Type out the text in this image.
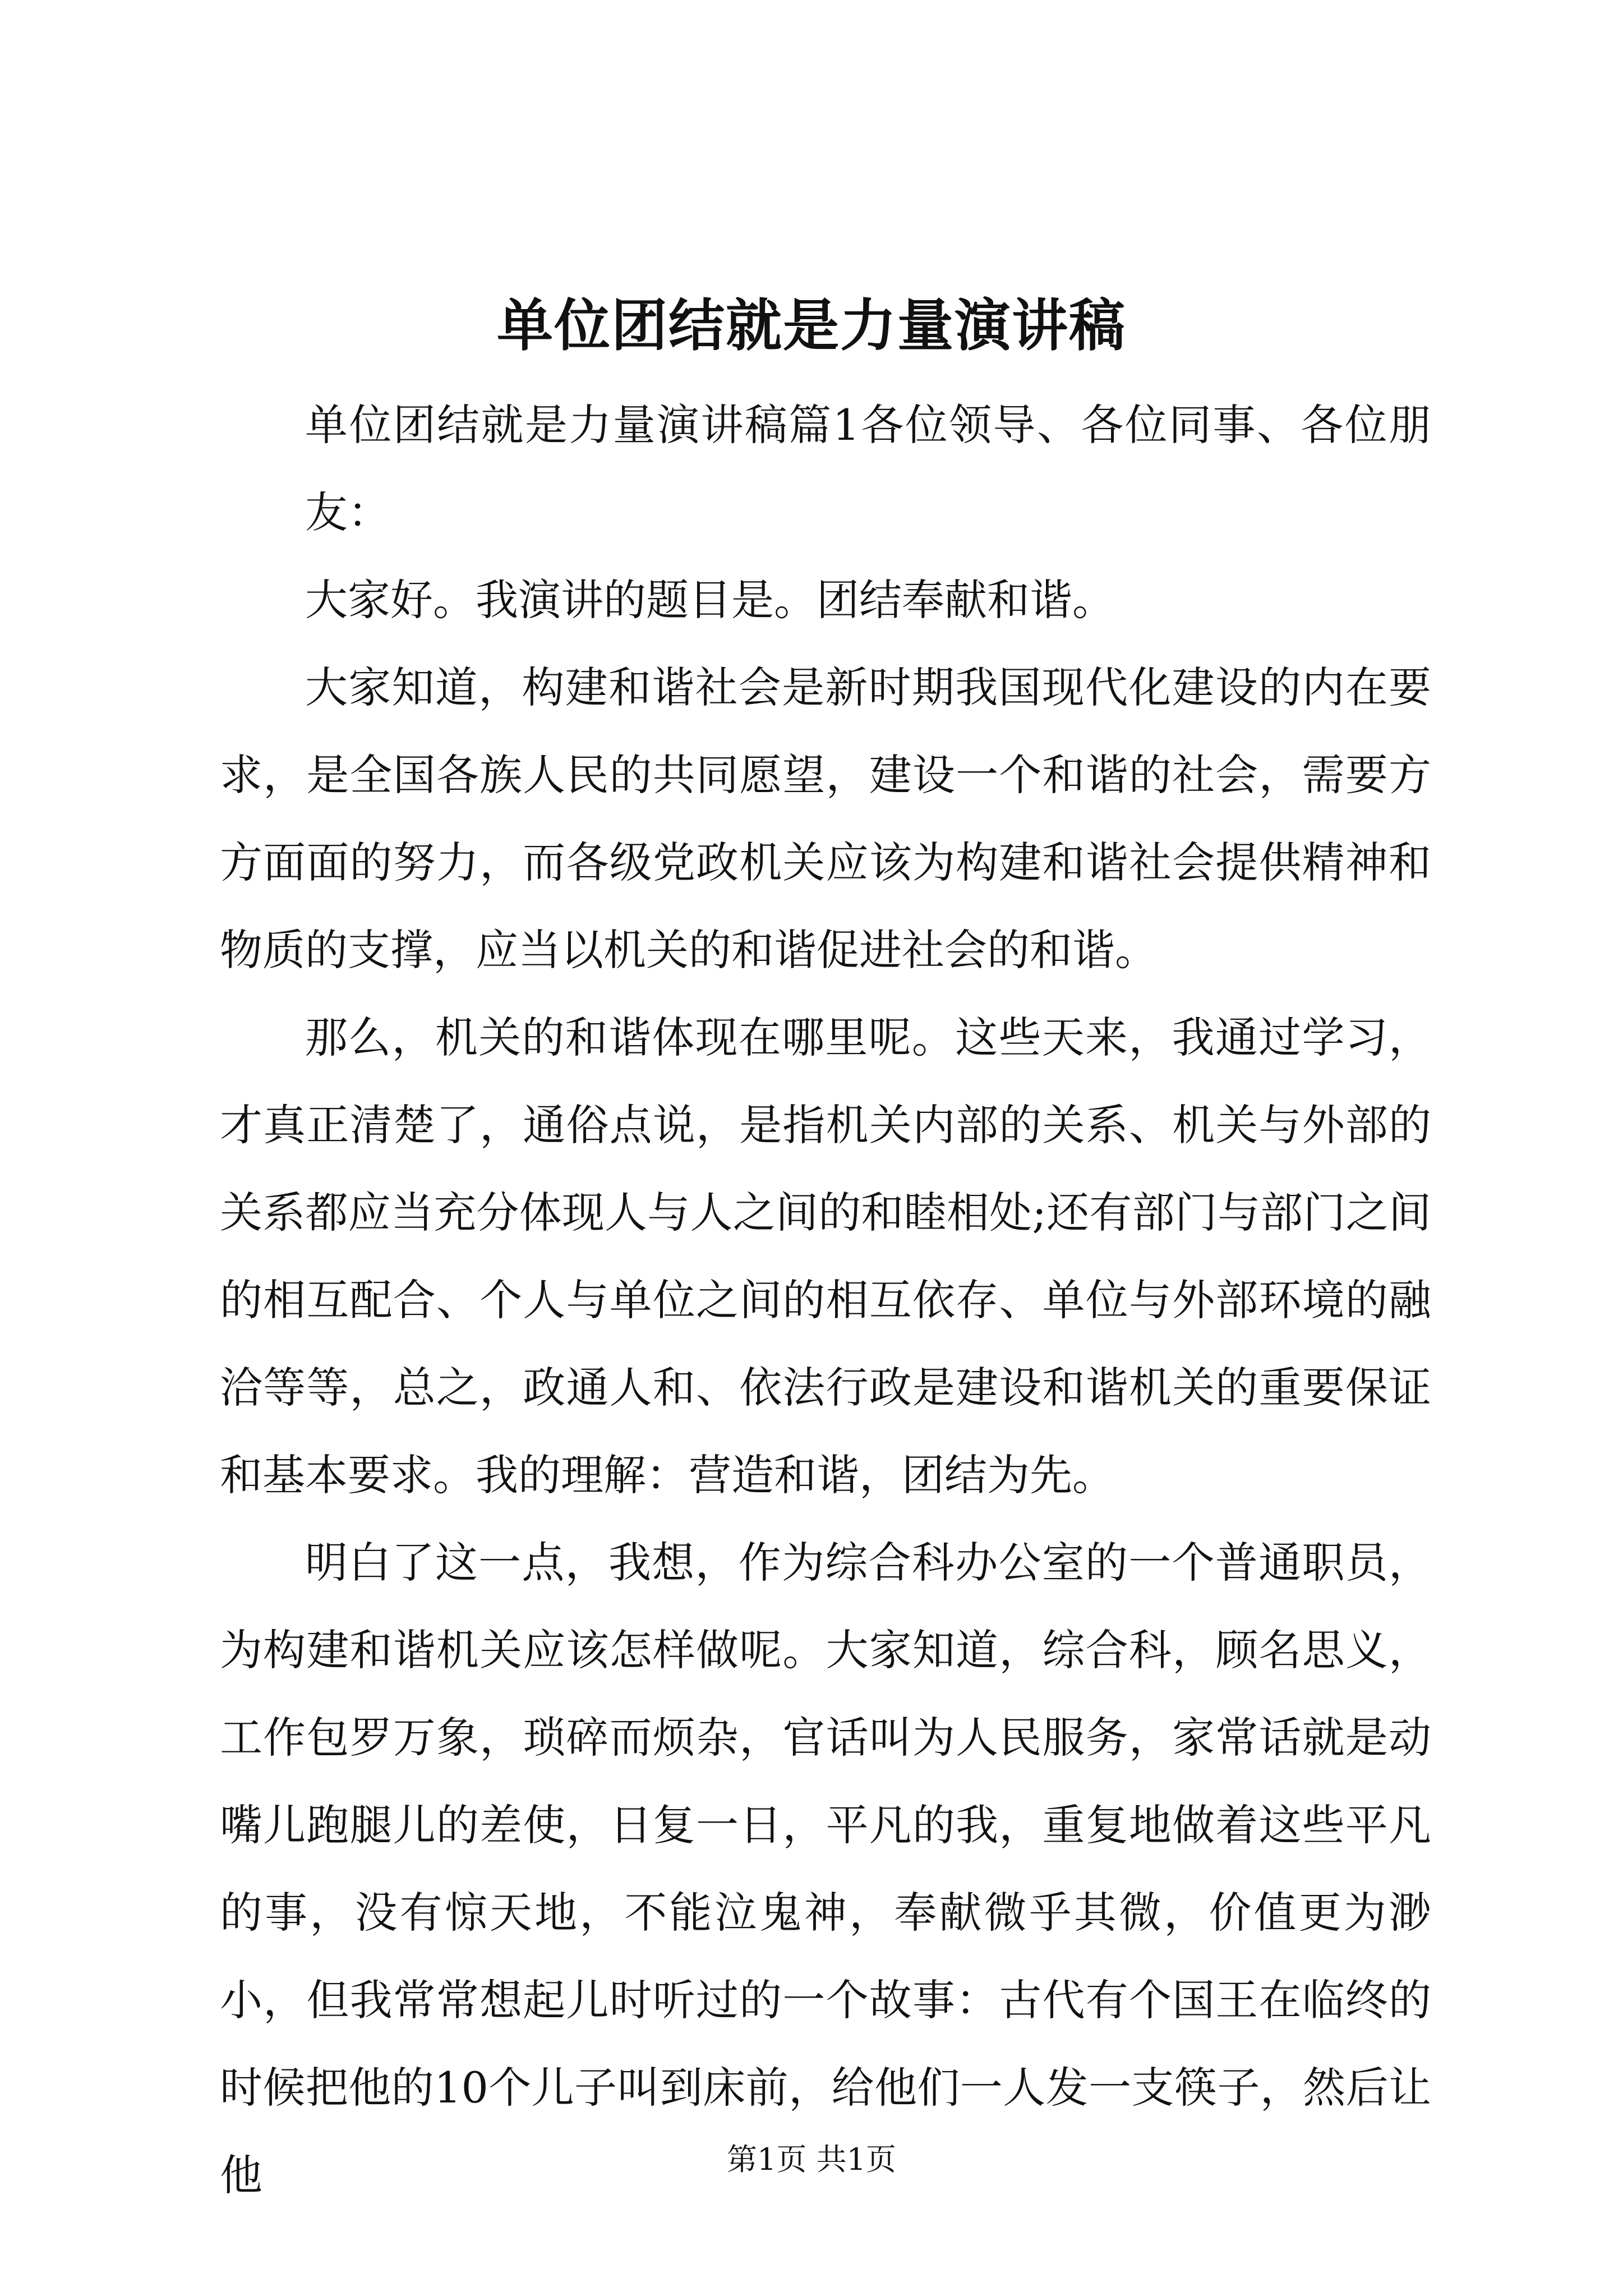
单位团结就是力量演讲稿

单位团结就是力量演讲稿篇1各位领导、各位同事、各位朋友：

大家好。我演讲的题目是。团结奉献和谐。

大家知道，构建和谐社会是新时期我国现代化建设的内在要求，是全国各族人民的共同愿望，建设一个和谐的社会，需要方方面面的努力，而各级党政机关应该为构建和谐社会提供精神和物质的支撑，应当以机关的和谐促进社会的和谐。

那么，机关的和谐体现在哪里呢。这些天来，我通过学习，才真正清楚了，通俗点说，是指机关内部的关系、机关与外部的关系都应当充分体现人与人之间的和睦相处;还有部门与部门之间的相互配合、个人与单位之间的相互依存、单位与外部环境的融洽等等，总之，政通人和、依法行政是建设和谐机关的重要保证和基本要求。我的理解：营造和谐，团结为先。

明白了这一点，我想，作为综合科办公室的一个普通职员，为构建和谐机关应该怎样做呢。大家知道，综合科，顾名思义，工作包罗万象，琐碎而烦杂，官话叫为人民服务，家常话就是动嘴儿跑腿儿的差使，日复一日，平凡的我，重复地做着这些平凡的事，没有惊天地，不能泣鬼神，奉献微乎其微，价值更为渺小，但我常常想起儿时听过的一个故事：古代有个国王在临终的时候把他的10个儿子叫到床前，给他们一人发一支筷子，然后让他	第1页 共1页
